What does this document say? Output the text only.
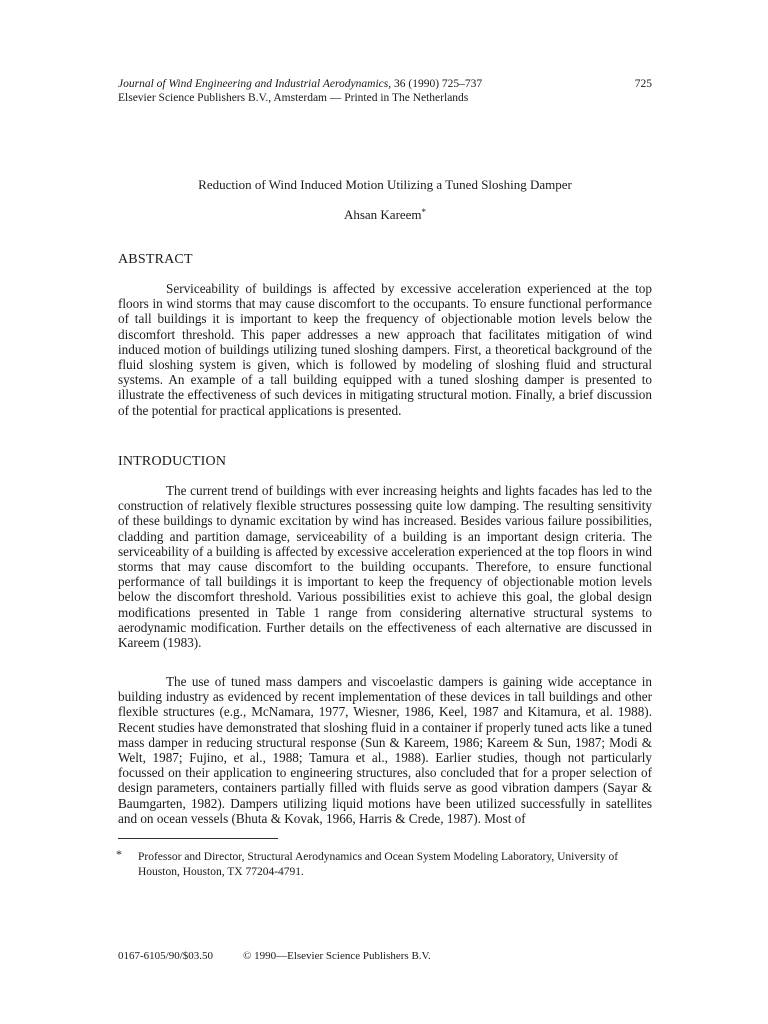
Journal of Wind Engineering and Industrial Aerodynamics, 36 (1990) 725–737
Elsevier Science Publishers B.V., Amsterdam — Printed in The Netherlands
725
Reduction of Wind Induced Motion Utilizing a Tuned Sloshing Damper
Ahsan Kareem*
ABSTRACT

Serviceability of buildings is affected by excessive acceleration experienced at the top floors in wind storms that may cause discomfort to the occupants. To ensure functional performance of tall buildings it is important to keep the frequency of objectionable motion levels below the discomfort threshold. This paper addresses a new approach that facilitates mitigation of wind induced motion of buildings utilizing tuned sloshing dampers. First, a theoretical background of the fluid sloshing system is given, which is followed by modeling of sloshing fluid and structural systems. An example of a tall building equipped with a tuned sloshing damper is presented to illustrate the effectiveness of such devices in mitigating structural motion. Finally, a brief discussion of the potential for practical applications is presented.

INTRODUCTION

The current trend of buildings with ever increasing heights and lights facades has led to the construction of relatively flexible structures possessing quite low damping. The resulting sensitivity of these buildings to dynamic excitation by wind has increased. Besides various failure possibilities, cladding and partition damage, serviceability of a building is an important design criteria. The serviceability of a building is affected by excessive acceleration experienced at the top floors in wind storms that may cause discomfort to the building occupants. Therefore, to ensure functional performance of tall buildings it is important to keep the frequency of objectionable motion levels below the discomfort threshold. Various possibilities exist to achieve this goal, the global design modifications presented in Table 1 range from considering alternative structural systems to aerodynamic modification. Further details on the effectiveness of each alternative are discussed in Kareem (1983).

The use of tuned mass dampers and viscoelastic dampers is gaining wide acceptance in building industry as evidenced by recent implementation of these devices in tall buildings and other flexible structures (e.g., McNamara, 1977, Wiesner, 1986, Keel, 1987 and Kitamura, et al. 1988). Recent studies have demonstrated that sloshing fluid in a container if properly tuned acts like a tuned mass damper in reducing structural response (Sun & Kareem, 1986; Kareem & Sun, 1987; Modi & Welt, 1987; Fujino, et al., 1988; Tamura et al., 1988). Earlier studies, though not particularly focussed on their application to engineering structures, also concluded that for a proper selection of design parameters, containers partially filled with fluids serve as good vibration dampers (Sayar & Baumgarten, 1982). Dampers utilizing liquid motions have been utilized successfully in satellites and on ocean vessels (Bhuta & Kovak, 1966, Harris & Crede, 1987). Most of

* Professor and Director, Structural Aerodynamics and Ocean System Modeling Laboratory, University of Houston, Houston, TX 77204-4791.
0167-6105/90/$03.50	© 1990—Elsevier Science Publishers B.V.
